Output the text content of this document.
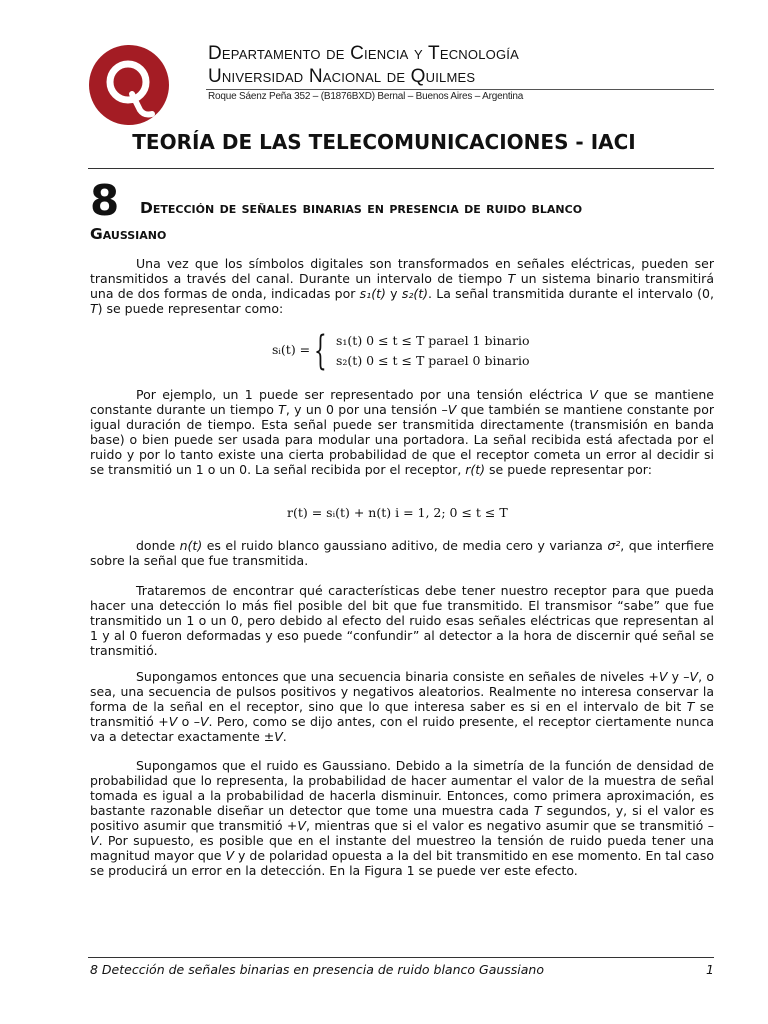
Departamento de Ciencia y Tecnología
Universidad Nacional de Quilmes
Roque Sáenz Peña 352 – (B1876BXD) Bernal – Buenos Aires – Argentina
TEORÍA DE LAS TELECOMUNICACIONES - IACI
8 Detección de señales binarias en presencia de ruido blanco
Gaussiano

Una vez que los símbolos digitales son transformados en señales eléctricas, pueden ser transmitidos a través del canal. Durante un intervalo de tiempo T un sistema binario transmitirá una de dos formas de onda, indicadas por s₁(t) y s₂(t). La señal transmitida durante el intervalo (0, T) se puede representar como:

sᵢ(t) = { s₁(t) 0 ≤ t ≤ T parael 1 binario
s₂(t) 0 ≤ t ≤ T parael 0 binario

Por ejemplo, un 1 puede ser representado por una tensión eléctrica V que se mantiene constante durante un tiempo T, y un 0 por una tensión –V que también se mantiene constante por igual duración de tiempo. Esta señal puede ser transmitida directamente (transmisión en banda base) o bien puede ser usada para modular una portadora. La señal recibida está afectada por el ruido y por lo tanto existe una cierta probabilidad de que el receptor cometa un error al decidir si se transmitió un 1 o un 0. La señal recibida por el receptor, r(t) se puede representar por:

r(t) = sᵢ(t) + n(t) i = 1, 2; 0 ≤ t ≤ T

donde n(t) es el ruido blanco gaussiano aditivo, de media cero y varianza σ², que interfiere sobre la señal que fue transmitida.

Trataremos de encontrar qué características debe tener nuestro receptor para que pueda hacer una detección lo más fiel posible del bit que fue transmitido. El transmisor “sabe” que fue transmitido un 1 o un 0, pero debido al efecto del ruido esas señales eléctricas que representan al 1 y al 0 fueron deformadas y eso puede “confundir” al detector a la hora de discernir qué señal se transmitió.

Supongamos entonces que una secuencia binaria consiste en señales de niveles +V y –V, o sea, una secuencia de pulsos positivos y negativos aleatorios. Realmente no interesa conservar la forma de la señal en el receptor, sino que lo que interesa saber es si en el intervalo de bit T se transmitió +V o –V. Pero, como se dijo antes, con el ruido presente, el receptor ciertamente nunca va a detectar exactamente ±V.

Supongamos que el ruido es Gaussiano. Debido a la simetría de la función de densidad de probabilidad que lo representa, la probabilidad de hacer aumentar el valor de la muestra de señal tomada es igual a la probabilidad de hacerla disminuir. Entonces, como primera aproximación, es bastante razonable diseñar un detector que tome una muestra cada T segundos, y, si el valor es positivo asumir que transmitió +V, mientras que si el valor es negativo asumir que se transmitió –V. Por supuesto, es posible que en el instante del muestreo la tensión de ruido pueda tener una magnitud mayor que V y de polaridad opuesta a la del bit transmitido en ese momento. En tal caso se producirá un error en la detección. En la Figura 1 se puede ver este efecto.

8 Detección de señales binarias en presencia de ruido blanco Gaussiano	1
